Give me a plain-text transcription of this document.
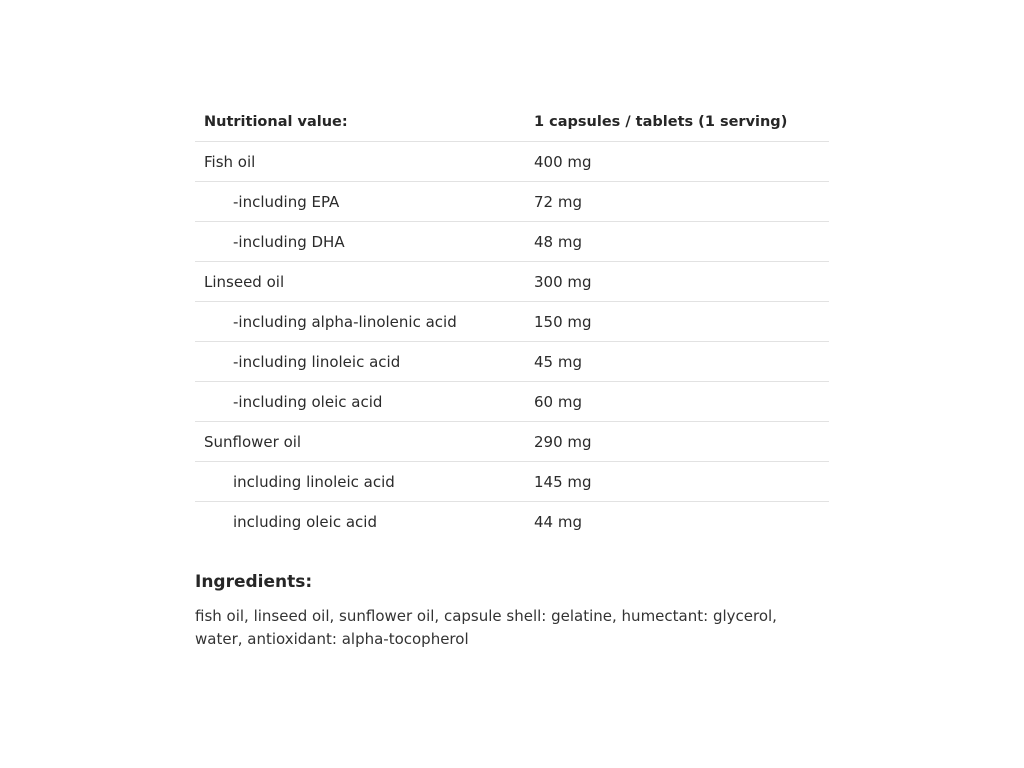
Nutritional value:	1 capsules / tablets (1 serving)
Fish oil	400 mg
-including EPA	72 mg
-including DHA	48 mg
Linseed oil	300 mg
-including alpha-linolenic acid	150 mg
-including linoleic acid	45 mg
-including oleic acid	60 mg
Sunflower oil	290 mg
including linoleic acid	145 mg
including oleic acid	44 mg
Ingredients:

fish oil, linseed oil, sunflower oil, capsule shell: gelatine, humectant: glycerol, water, antioxidant: alpha-tocopherol
